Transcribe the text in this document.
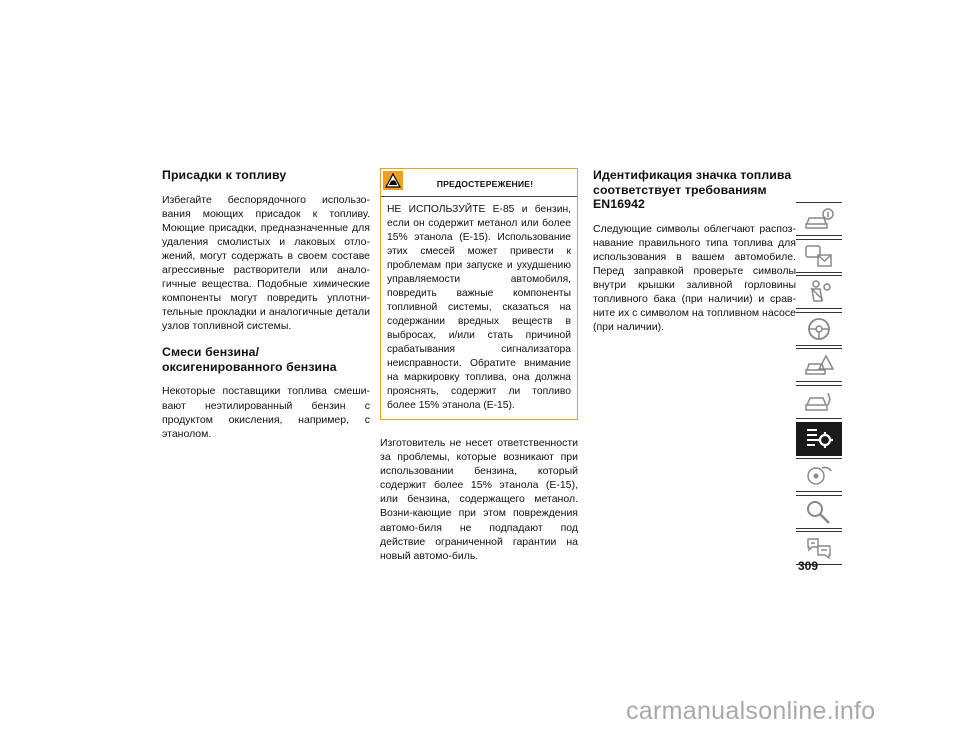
Присадки к топливу

Избегайте беспорядочного использо-вания моющих присадок к топливу. Моющие присадки, предназначенные для удаления смолистых и лаковых отло-жений, могут содержать в своем составе агрессивные растворители или анало-гичные вещества. Подобные химические компоненты могут повредить уплотни-тельные прокладки и аналогичные детали узлов топливной системы.

Смеси бензина/оксигенированного бензина

Некоторые поставщики топлива смеши-вают неэтилированный бензин с продуктом окисления, например, с этанолом.

ПРЕДОСТЕРЕЖЕНИЕ!

НЕ ИСПОЛЬЗУЙТЕ Е-85 и бензин, если он содержит метанол или более 15% этанола (Е-15). Использование этих смесей может привести к проблемам при запуске и ухудшению управляемости автомобиля, повредить важные компоненты топливной системы, сказаться на содержании вредных веществ в выбросах, и/или стать причиной срабатывания сигнализатора неисправности. Обратите внимание на маркировку топлива, она должна прояснять, содержит ли топливо более 15% этанола (Е-15).

Изготовитель не несет ответственности за проблемы, которые возникают при использовании бензина, который содержит более 15% этанола (Е-15), или бензина, содержащего метанол. Возни-кающие при этом повреждения автомо-биля не подпадают под действие ограниченной гарантии на новый автомо-биль.

Идентификация значка топлива соответствует требованиям EN16942

Следующие символы облегчают распоз-навание правильного типа топлива для использования в вашем автомобиле. Перед заправкой проверьте символы внутри крышки заливной горловины топливного бака (при наличии) и срав-ните их с символом на топливном насосе (при наличии).

309
carmanualsonline.info
